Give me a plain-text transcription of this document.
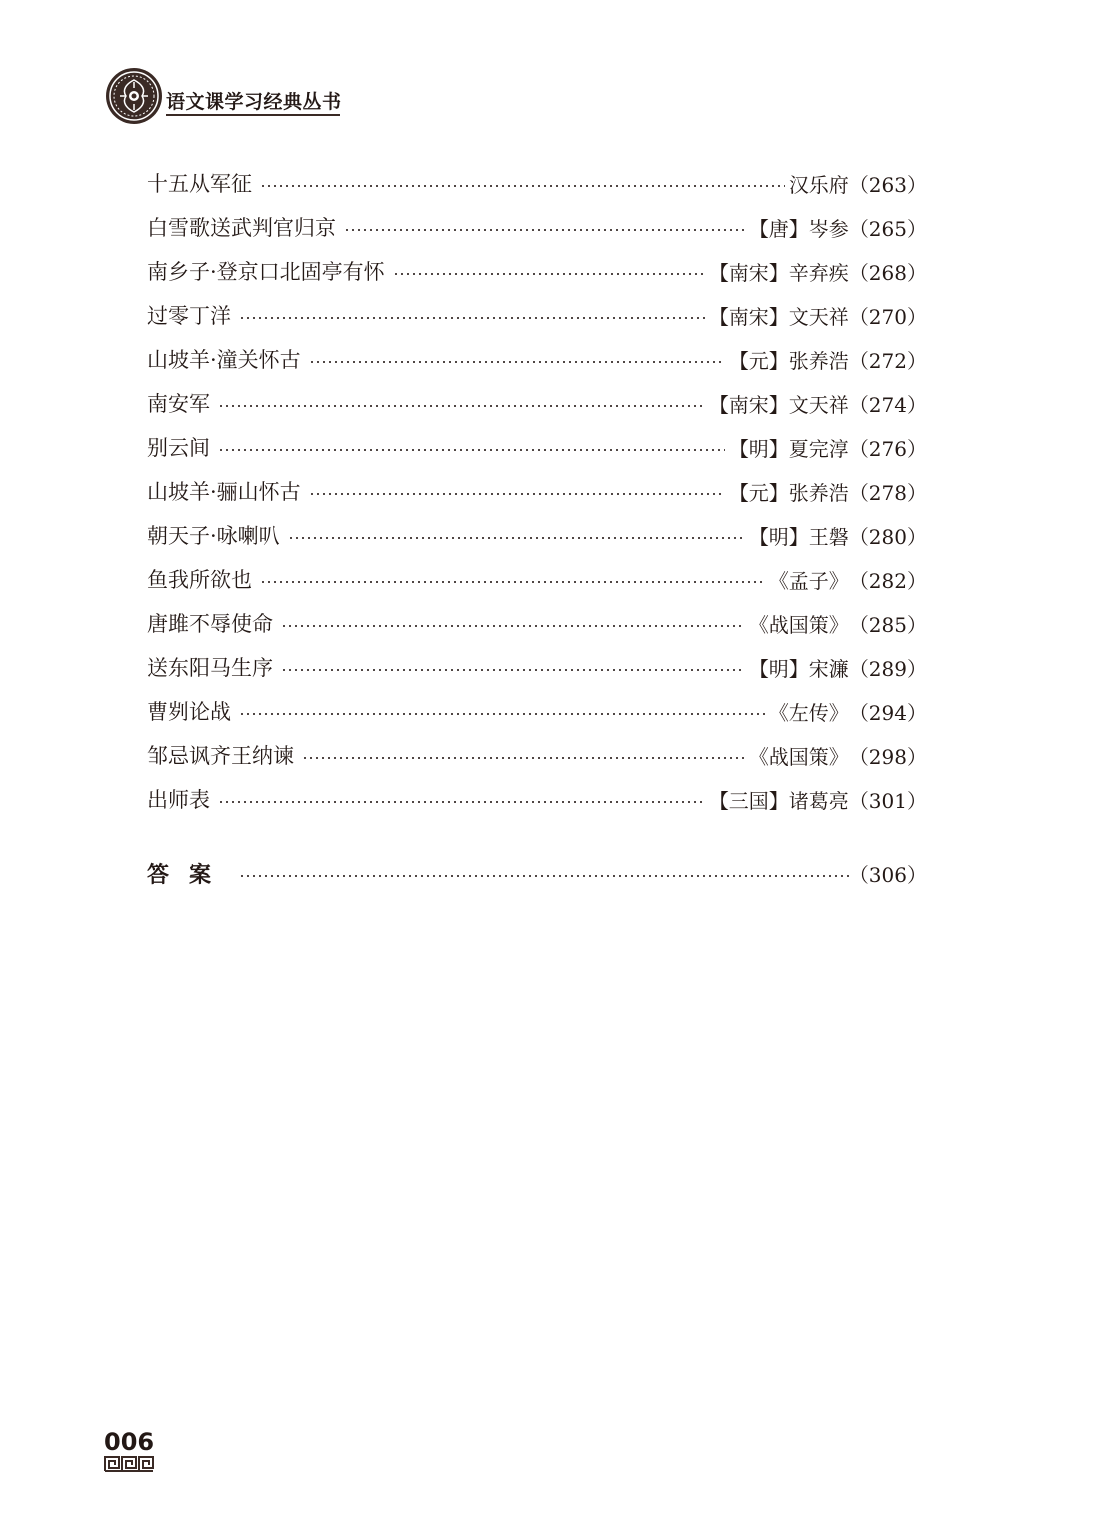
语文课学习经典丛书
十五从军征	汉乐府 （263）
白雪歌送武判官归京	【唐】岑参 （265）
南乡子·登京口北固亭有怀	【南宋】辛弃疾 （268）
过零丁洋	【南宋】文天祥 （270）
山坡羊·潼关怀古	【元】张养浩 （272）
南安军	【南宋】文天祥 （274）
别云间	【明】夏完淳 （276）
山坡羊·骊山怀古	【元】张养浩 （278）
朝天子·咏喇叭	【明】王磐 （280）
鱼我所欲也	《孟子》 （282）
唐雎不辱使命	《战国策》 （285）
送东阳马生序	【明】宋濂 （289）
曹刿论战	《左传》 （294）
邹忌讽齐王纳谏	《战国策》 （298）
出师表	【三国】诸葛亮 （301）
答案	（306）
006
